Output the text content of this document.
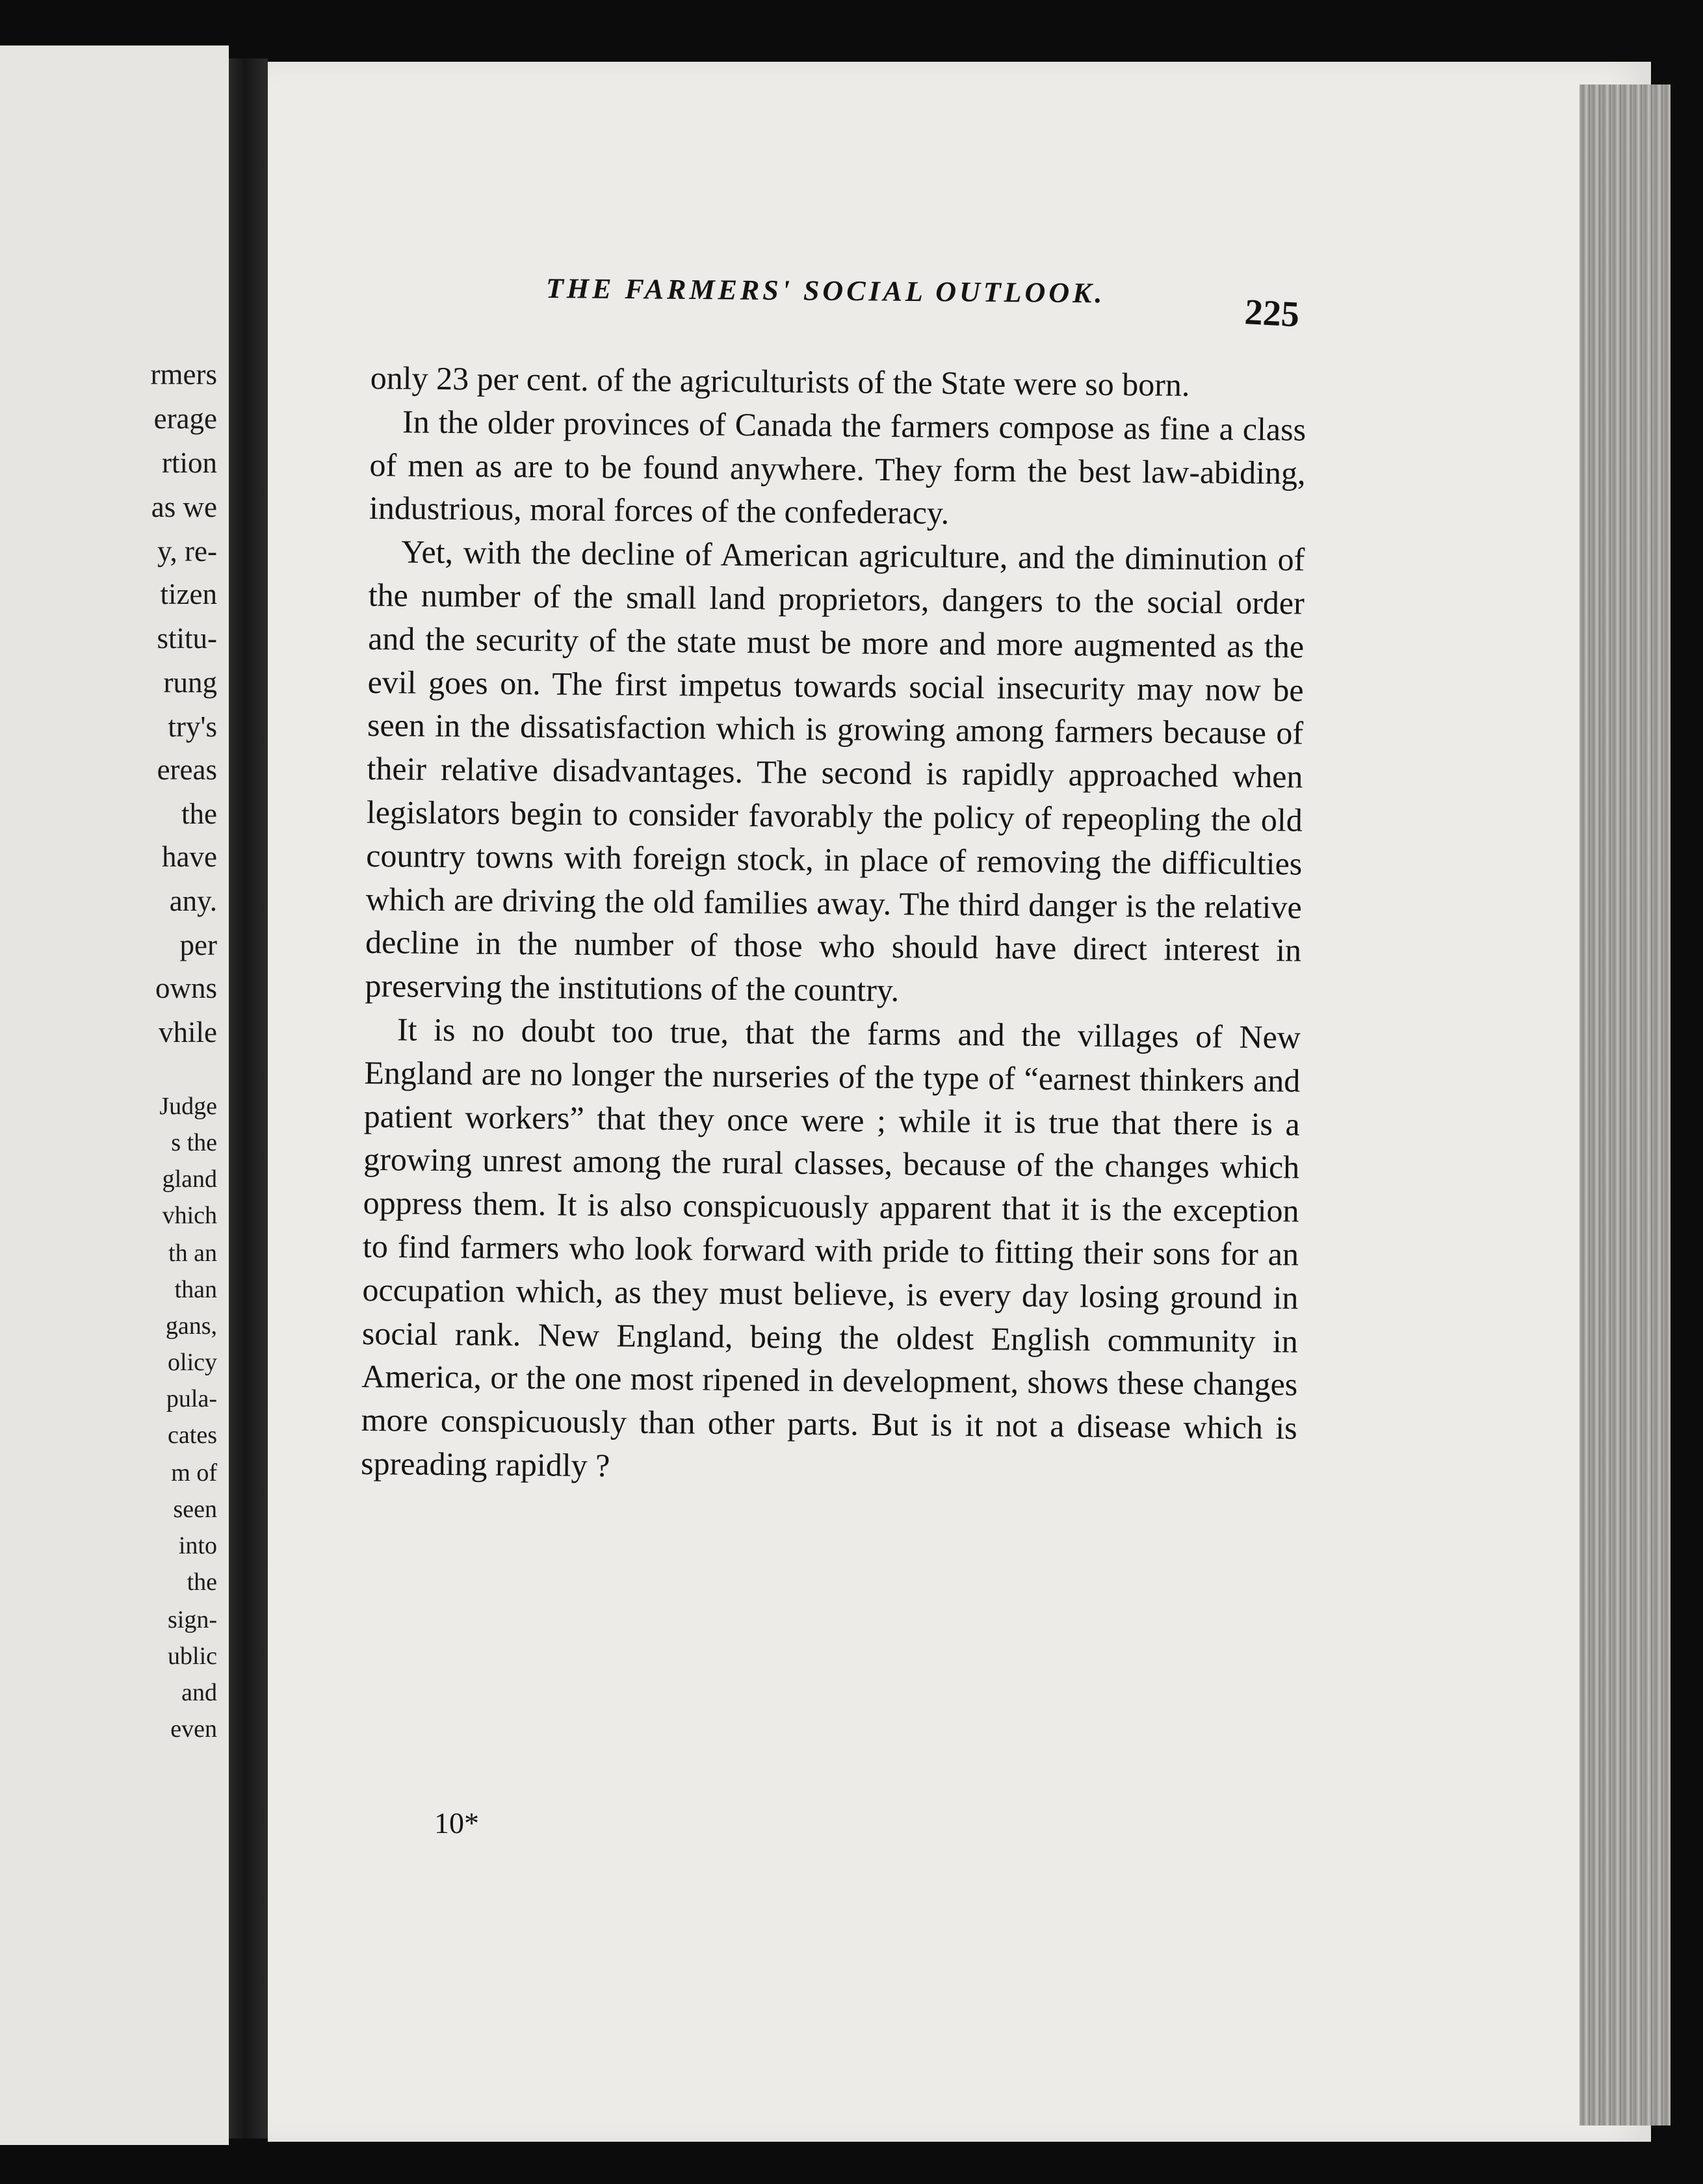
rmers
erage
rtion
as we
y, re-
tizen
stitu-
rung
try's
ereas
the
have
any.
per
owns
vhile
Judge
s the
gland
vhich
th an
than
gans,
olicy
pula-
cates
m of
seen
into
the
sign-
ublic
and
even
THE FARMERS' SOCIAL OUTLOOK.
225

only 23 per cent. of the agriculturists of the State were so born.

In the older provinces of Canada the farmers compose as fine a class of men as are to be found anywhere. They form the best law-abiding, industrious, moral forces of the confederacy.

Yet, with the decline of American agriculture, and the diminution of the number of the small land proprietors, dangers to the social order and the security of the state must be more and more augmented as the evil goes on. The first impetus towards social insecurity may now be seen in the dissatisfaction which is growing among farmers because of their relative disadvantages. The second is rapidly approached when legislators begin to consider favorably the policy of repeopling the old country towns with foreign stock, in place of removing the difficulties which are driving the old families away. The third danger is the relative decline in the number of those who should have direct interest in preserving the institutions of the country.

It is no doubt too true, that the farms and the villages of New England are no longer the nurseries of the type of “earnest thinkers and patient workers” that they once were ; while it is true that there is a growing unrest among the rural classes, because of the changes which oppress them. It is also conspicuously apparent that it is the exception to find farmers who look forward with pride to fitting their sons for an occupation which, as they must believe, is every day losing ground in social rank. New England, being the oldest English community in America, or the one most ripened in development, shows these changes more conspicuously than other parts. But is it not a disease which is spreading rapidly ?

10*
